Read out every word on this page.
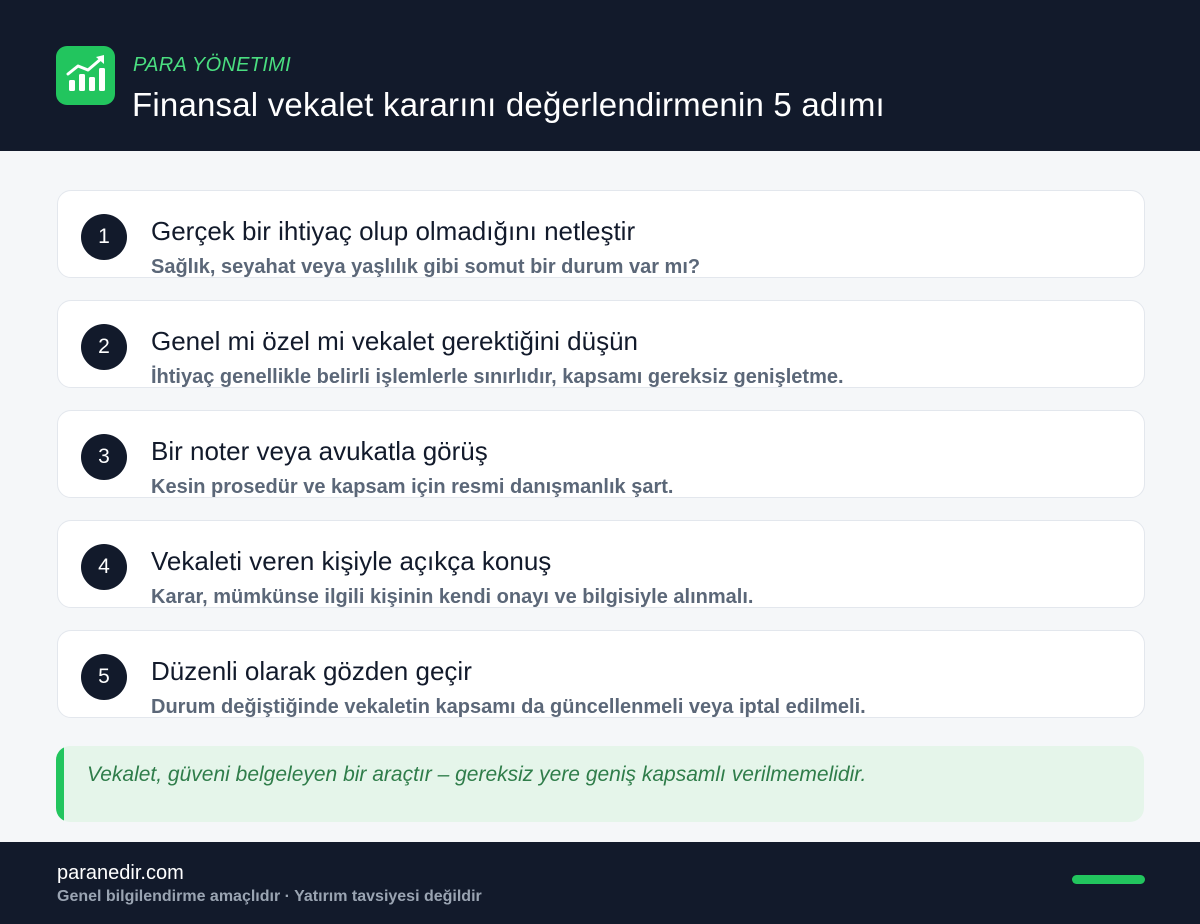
PARA YÖNETIMI
Finansal vekalet kararını değerlendirmenin 5 adımı
1	Gerçek bir ihtiyaç olup olmadığını netleştir
Sağlık, seyahat veya yaşlılık gibi somut bir durum var mı?
2	Genel mi özel mi vekalet gerektiğini düşün
İhtiyaç genellikle belirli işlemlerle sınırlıdır, kapsamı gereksiz genişletme.
3	Bir noter veya avukatla görüş
Kesin prosedür ve kapsam için resmi danışmanlık şart.
4	Vekaleti veren kişiyle açıkça konuş
Karar, mümkünse ilgili kişinin kendi onayı ve bilgisiyle alınmalı.
5	Düzenli olarak gözden geçir
Durum değiştiğinde vekaletin kapsamı da güncellenmeli veya iptal edilmeli.
Vekalet, güveni belgeleyen bir araçtır – gereksiz yere geniş kapsamlı verilmemelidir.
paranedir.com
Genel bilgilendirme amaçlıdır · Yatırım tavsiyesi değildir
